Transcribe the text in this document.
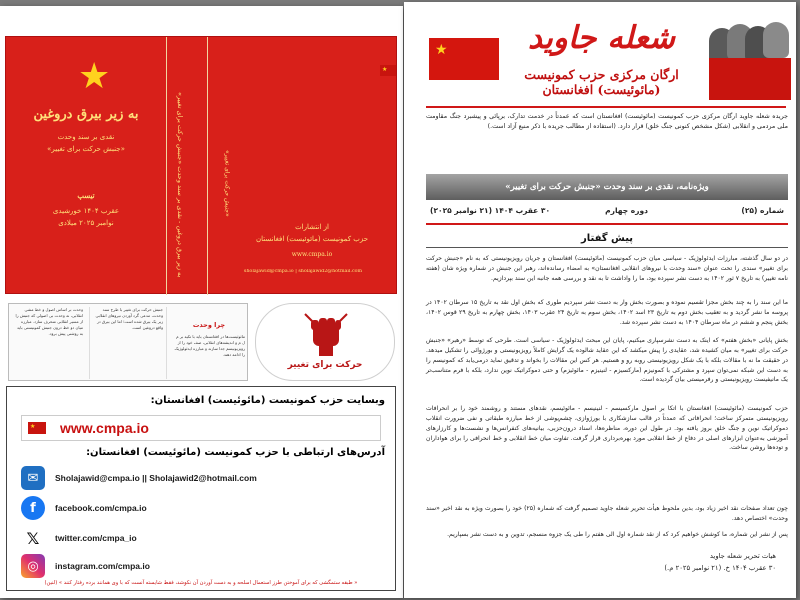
★
به زیر بیرق دروغین
نقدی بر سند وحدت
«جنبش حرکت برای تغییر»
تیسپ
عقرب ۱۴۰۴ خورشیدی
نوامبر ۲۰۲۵ میلادی	به زیر بیرق دروغین - نقدی بر سند وحدت «جنبش حرکت برای تغییر»
★
«جنبش حرکت برای تغییر»
از انتشارات
حزب کمونیست (مائوئیست) افغانستان
www.cmpa.io
sholajawid@cmpa.io | sholajawid2@hotmail.com
وحدت بر اساس اصول و خط مشی انقلابی، نه وحدت بی اصولی که جنبش را از مسیر انقلابی منحرف سازد. مبارزه میان دو خط درون جنبش کمونیستی باید به روشنی پیش برود.
جنبش حرکت برای تغییر با طرح سند وحدت، مدعی گرد آوردن نیروهای انقلابی زیر یک بیرق شده است؛ اما این بیرق در واقع دروغین است.	چرا وحدت
مائوئیست‌ها در افغانستان باید با تکیه بر م ل م و اندیشه‌های انقلابی، صف خود را از رویزیونیسم جدا سازند و مبارزه ایدئولوژیک را ادامه دهند.
حرکت برای تغییر
وبسایت حزب کمونیست (مائوئیست) افغانستان:
★ www.cmpa.io
آدرس‌های ارتباطی با حزب کمونیست (مائوئیست) افغانستان:
✉	Sholajawid@cmpa.io || Sholajawid2@hotmail.com
f	facebook.com/cmpa.io
𝕏	twitter.com/cmpa_io
◎	instagram.com/cmpa.io
« طبقه ستمگشی که برای آموختن طرز استعمال اسلحه و به دست آوردن آن نکوشد، فقط شایسته آنست که با وی همانند برده رفتار کنند » (لنین)
★	شعله جاوید
ارگان مرکزی حزب کمونیست (مائوئیست) افغانستان
جریده شعله جاوید ارگان مرکزی حزب کمونیست (مائوئیست) افغانستان است که عمدتاً در خدمت تدارک، برپائی و پیشبرد جنگ مقاومت ملی مردمی و انقلابی (شکل مشخص کنونی جنگ خلق) قرار دارد. (استفاده از مطالب جریده با ذکر منبع آزاد است.)
ویژه‌نامه، نقدی بر سند وحدت «جنبش حرکت برای تغییر»
شماره (۲۵)
دوره چهارم
۳۰ عقرب ۱۴۰۴ (۲۱ نوامبر ۲۰۲۵)
پیش گفتار
در دو سال گذشته، مبارزات ایدئولوژیک - سیاسی میان حزب کمونیست (مائوئیست) افغانستان و جریان رویزیونیستی که به نام «جنبش حرکت برای تغییر» سندی را تحت عنوان «سند وحدت با نیروهای انقلابی افغانستان» به امضاء رسانده‌اند، رهبر این جنبش در شماره ویژه شان (هفته نامه تغییر) به تاریخ ۷ ثور ۱۴۰۲ به دست نشر سپرده بود، ما را واداشت تا به نقد و بررسی همه جانبه این سند بپردازیم.
ما این سند را به چند بخش مجزا تقسیم نموده و بصورت بخش وار به دست نشر سپردیم طوری که بخش اول نقد به تاریخ ۱۵ سرطان ۱۴۰۲ در پروسه ما نشر گردید و به تعقیب بخش دوم به تاریخ ۲۳ اسد ۱۴۰۲، بخش سوم به تاریخ ۲۴ عقرب ۱۴۰۳، بخش چهارم به تاریخ ۲۹ قوس ۱۴۰۲، بخش پنجم و ششم در ماه سرطان ۱۴۰۴ به دست نشر سپرده شد.
بخش پایانی «بخش هفتم» که اینک به دست نشرسپاری میکنیم، پایان این مبحث ایدئولوژیک - سیاسی است. طرحی که توسط «رهبر» «جنبش حرکت برای تغییر» به میان کشیده شد، عقایدی را پیش میکشد که این عقاید شالوده یک گرایش کاملاً رویزیونیستی و بورژوائی را تشکیل میدهد. در حقیقت ما نه با مقالات بلکه با یک شکل رویزیونیستی روبه رو و هستیم. هر کس این مقالات را بخواند و تدقیق نماید درمی‌یابد که کمونیسم را به دست این شبکه نمی‌توان سپرد و مشترکی با کمونیزم (مارکسیزم - لنینیزم - مائوئیزم) و حتی دموکراتیک نوین ندارد، بلکه با فرم متناسب‌تر یک مانیفیست رویزیونیستی و رفرمیستی بیان گردیده است.
حزب کمونیست (مائوئیست) افغانستان با اتکا بر اصول مارکسیسم - لنینیسم - مائوئیسم، نقدهای مستند و روشمند خود را بر انحرافات رویزیونیستی متمرکز ساخت؛ انحرافاتی که عمدتاً در قالب سازشکاری با بورژوازی، چشم‌پوشی از خط مبارزه طبقاتی و نفی ضرورت انقلاب دموکراتیک نوین و جنگ خلق بروز یافته بود. در طول این دوره، مناظره‌ها، اسناد درون‌حزبی، بیانیه‌های کنفرانس‌ها و نشست‌ها و کارزارهای آموزشی به‌عنوان ابزارهای اصلی در دفاع از خط انقلابی مورد بهره‌برداری قرار گرفت. تفاوت میان خط انقلابی و خط انحرافی را برای هواداران و توده‌ها روشن ساخت.
چون تعداد صفحات نقد اخیر زیاد بود، بدین ملحوظ هیأت تحریر شعله جاوید تصمیم گرفت که شماره (۲۵) خود را بصورت ویژه به نقد اخیر «سند وحدت» اختصاص دهد.
پس از نشر این شماره، ما کوشش خواهیم کرد که از نقد شماره اول الی هفتم را طی یک جزوه منسجم، تدوین و به دست نشر بسپاریم.
هیات تحریر شعله جاوید
۳۰ عقرب ۱۴۰۴ خ. (۲۱ نوامبر ۲۰۲۵ م.)
